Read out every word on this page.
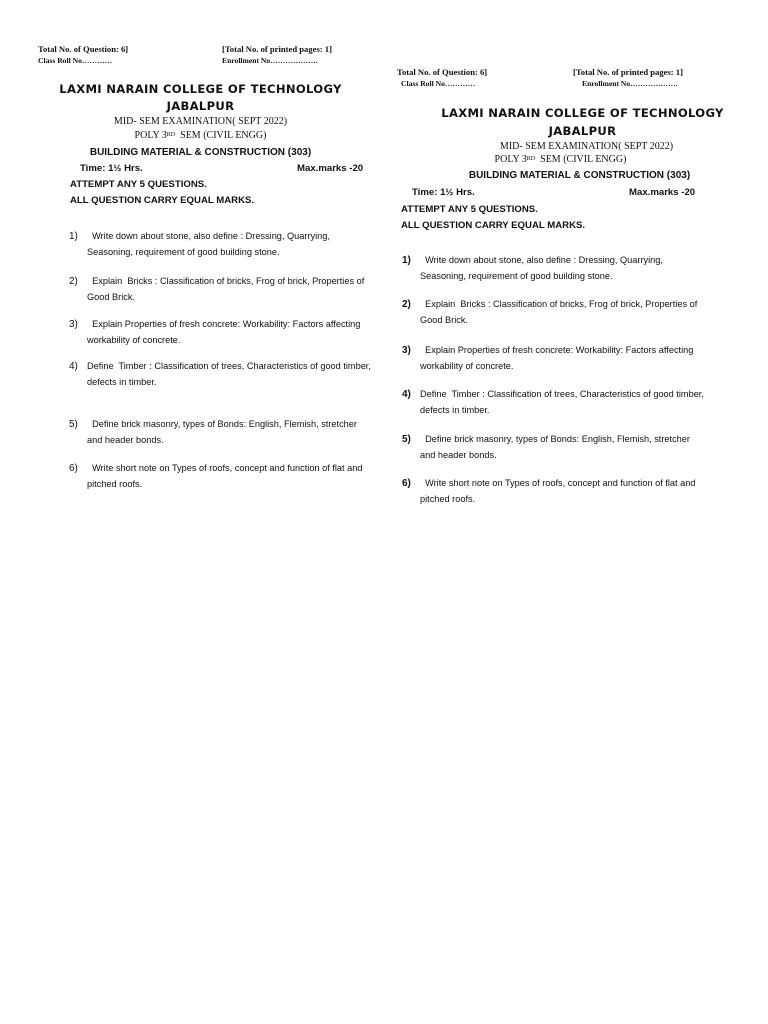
Total No. of Question: 6]	[Total No. of printed pages: 1]
Class Roll No…………	Enrollment No……………….
LAXMI NARAIN COLLEGE OF TECHNOLOGY
JABALPUR
MID- SEM EXAMINATION( SEPT 2022)
POLY 3RD  SEM (CIVIL ENGG)
BUILDING MATERIAL & CONSTRUCTION (303)
Time: 1½ Hrs.	Max.marks -20
ATTEMPT ANY 5 QUESTIONS.
ALL QUESTION CARRY EQUAL MARKS.
1) Write down about stone, also define : Dressing, Quarrying, Seasoning, requirement of good building stone.
2) Explain  Bricks : Classification of bricks, Frog of brick, Properties of Good Brick.
3) Explain Properties of fresh concrete: Workability: Factors affecting workability of concrete.
4) Define  Timber : Classification of trees, Characteristics of good timber, defects in timber.
5) Define brick masonry, types of Bonds: English, Flemish, stretcher and header bonds.
6) Write short note on Types of roofs, concept and function of flat and pitched roofs.
Total No. of Question: 6]	[Total No. of printed pages: 1]
Class Roll No…………	Enrollment No……………….
LAXMI NARAIN COLLEGE OF TECHNOLOGY
JABALPUR
MID- SEM EXAMINATION( SEPT 2022)
POLY 3RD  SEM (CIVIL ENGG)
BUILDING MATERIAL & CONSTRUCTION (303)
Time: 1½ Hrs.	Max.marks -20
ATTEMPT ANY 5 QUESTIONS.
ALL QUESTION CARRY EQUAL MARKS.
1) Write down about stone, also define : Dressing, Quarrying, Seasoning, requirement of good building stone.
2) Explain  Bricks : Classification of bricks, Frog of brick, Properties of Good Brick.
3) Explain Properties of fresh concrete: Workability: Factors affecting workability of concrete.
4) Define  Timber : Classification of trees, Characteristics of good timber, defects in timber.
5) Define brick masonry, types of Bonds: English, Flemish, stretcher and header bonds.
6) Write short note on Types of roofs, concept and function of flat and pitched roofs.
